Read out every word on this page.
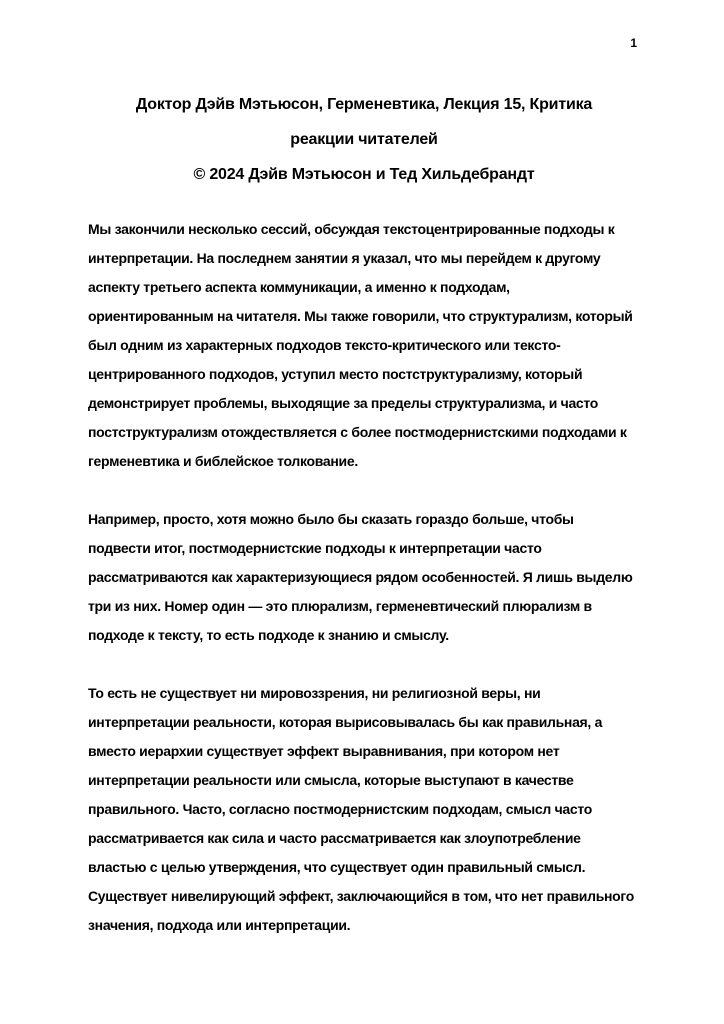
1
Доктор Дэйв Мэтьюсон, Герменевтика, Лекция 15, Критика
реакции читателей
© 2024 Дэйв Мэтьюсон и Тед Хильдебрандт
Мы закончили несколько сессий, обсуждая текстоцентрированные подходы к
интерпретации. На последнем занятии я указал, что мы перейдем к другому
аспекту третьего аспекта коммуникации, а именно к подходам,
ориентированным на читателя. Мы также говорили, что структурализм, который
был одним из характерных подходов тексто-критического или тексто-
центрированного подходов, уступил место постструктурализму, который
демонстрирует проблемы, выходящие за пределы структурализма, и часто
постструктурализм отождествляется с более постмодернистскими подходами к
герменевтика и библейское толкование.
Например, просто, хотя можно было бы сказать гораздо больше, чтобы
подвести итог, постмодернистские подходы к интерпретации часто
рассматриваются как характеризующиеся рядом особенностей. Я лишь выделю
три из них. Номер один — это плюрализм, герменевтический плюрализм в
подходе к тексту, то есть подходе к знанию и смыслу.
То есть не существует ни мировоззрения, ни религиозной веры, ни
интерпретации реальности, которая вырисовывалась бы как правильная, а
вместо иерархии существует эффект выравнивания, при котором нет
интерпретации реальности или смысла, которые выступают в качестве
правильного. Часто, согласно постмодернистским подходам, смысл часто
рассматривается как сила и часто рассматривается как злоупотребление
властью с целью утверждения, что существует один правильный смысл.
Существует нивелирующий эффект, заключающийся в том, что нет правильного
значения, подхода или интерпретации.
